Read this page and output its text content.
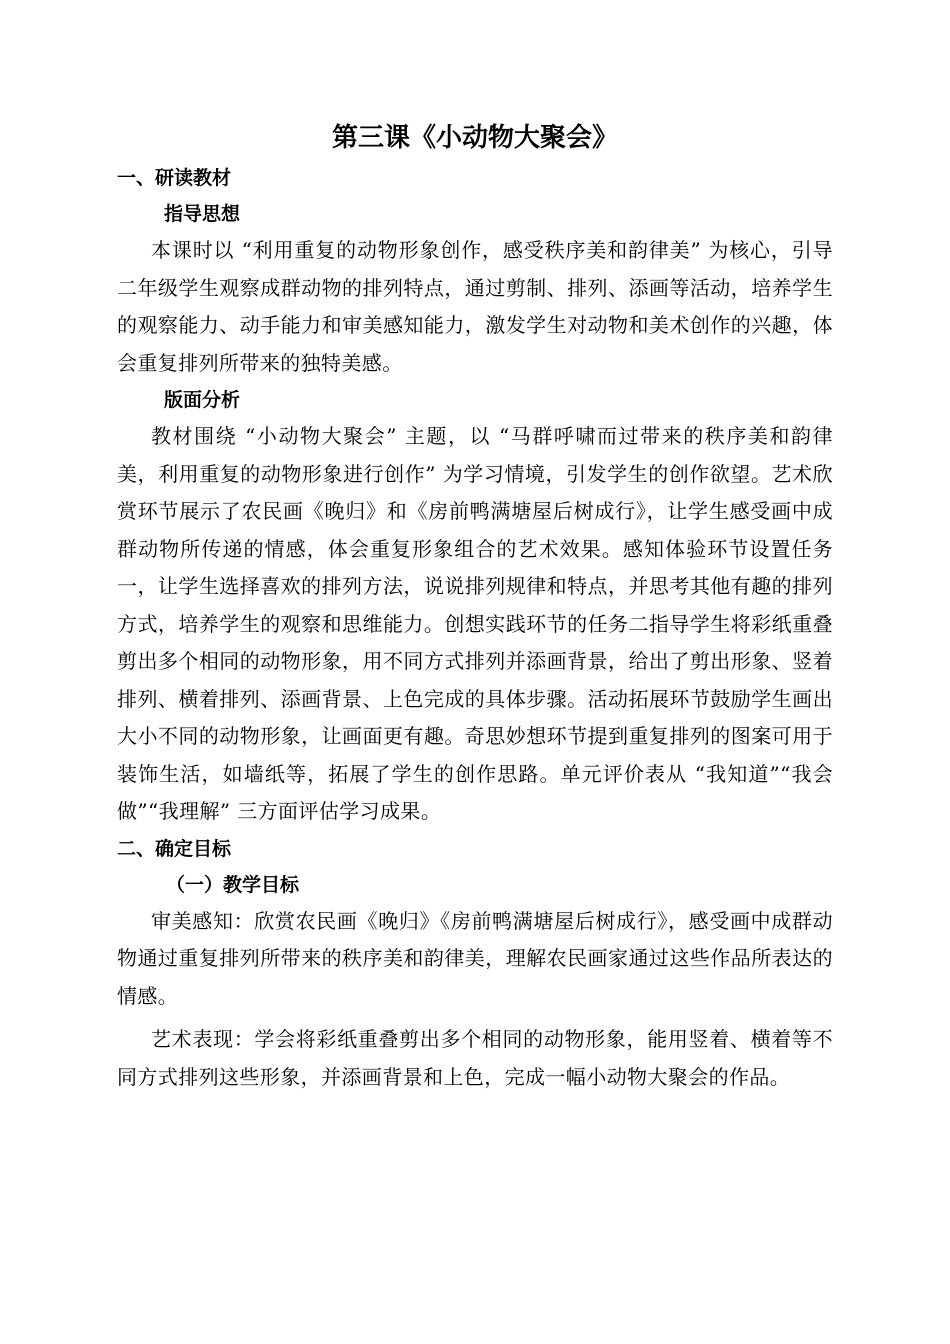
第三课《小动物大聚会》
一、研读教材
指导思想

本课时以 “利用重复的动物形象创作，感受秩序美和韵律美” 为核心，引导二年级学生观察成群动物的排列特点，通过剪制、排列、添画等活动，培养学生的观察能力、动手能力和审美感知能力，激发学生对动物和美术创作的兴趣，体会重复排列所带来的独特美感。

版面分析

教材围绕 “小动物大聚会” 主题，以 “马群呼啸而过带来的秩序美和韵律美，利用重复的动物形象进行创作” 为学习情境，引发学生的创作欲望。艺术欣赏环节展示了农民画《晚归》和《房前鸭满塘屋后树成行》，让学生感受画中成群动物所传递的情感，体会重复形象组合的艺术效果。感知体验环节设置任务一，让学生选择喜欢的排列方法，说说排列规律和特点，并思考其他有趣的排列方式，培养学生的观察和思维能力。创想实践环节的任务二指导学生将彩纸重叠剪出多个相同的动物形象，用不同方式排列并添画背景，给出了剪出形象、竖着排列、横着排列、添画背景、上色完成的具体步骤。活动拓展环节鼓励学生画出大小不同的动物形象，让画面更有趣。奇思妙想环节提到重复排列的图案可用于装饰生活，如墙纸等，拓展了学生的创作思路。单元评价表从 “我知道”“我会做”“我理解” 三方面评估学习成果。

二、确定目标
（一）教学目标

审美感知：欣赏农民画《晚归》《房前鸭满塘屋后树成行》，感受画中成群动物通过重复排列所带来的秩序美和韵律美，理解农民画家通过这些作品所表达的情感。

艺术表现：学会将彩纸重叠剪出多个相同的动物形象，能用竖着、横着等不同方式排列这些形象，并添画背景和上色，完成一幅小动物大聚会的作品。
